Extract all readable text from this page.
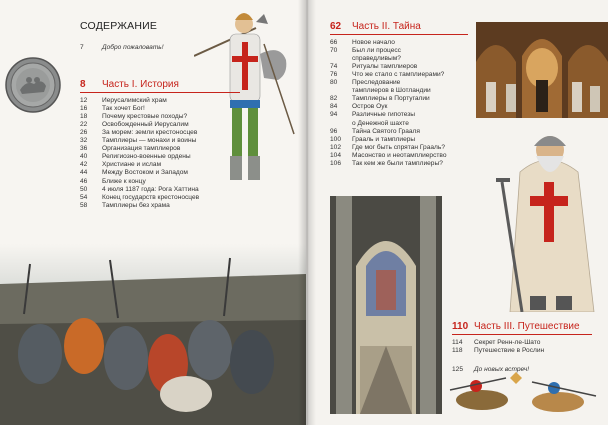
СОДЕРЖАНИЕ
7	Добро пожаловать!
8	Часть I. История
12	Иерусалимский храм
16	Так хочет Бог!
18	Почему крестовые походы?
22	Освобожденный Иерусалим
26	За морем: земли крестоносцев
32	Тамплиеры — монахи и воины
36	Организация тамплиеров
40	Религиозно-военные ордены
42	Христиане и ислам
44	Между Востоком и Западом
46	Ближе к концу
50	4 июля 1187 года: Рога Хаттина
54	Конец государств крестоносцев
58	Тамплиеры без храма
62	Часть II. Тайна
66	Новое начало
70	Был ли процесс
справедливым?
74	Ритуалы тамплиеров
76	Что же стало с тамплиерами?
80	Преследование
тамплиеров в Шотландии
82	Тамплиеры в Португалии
84	Остров Оук
94	Различные гипотезы
о Денежной шахте
96	Тайна Святого Грааля
100	Грааль и тамплиеры
102	Где мог быть спрятан Грааль?
104	Масонство и неотамплиерство
106	Так кем же были тамплиеры?
110 Часть III. Путешествие
114	Секрет Ренн-ле-Шато
118	Путешествие в Рослин
125	До новых встреч!
